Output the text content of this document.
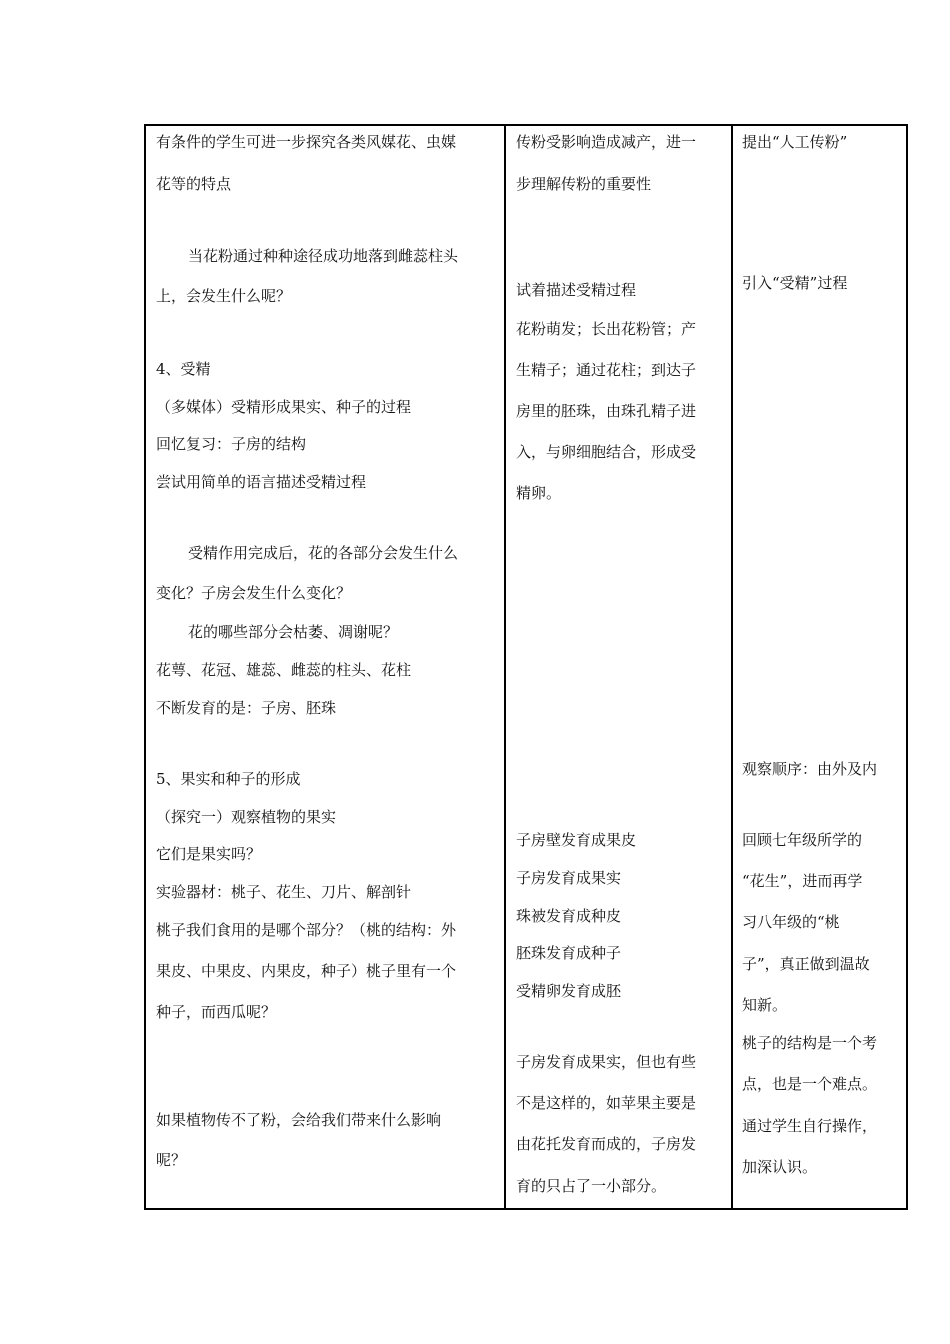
有条件的学生可进一步探究各类风媒花、虫媒
花等的特点
当花粉通过种种途径成功地落到雌蕊柱头
上，会发生什么呢？
4、受精
（多媒体）受精形成果实、种子的过程
回忆复习：子房的结构
尝试用简单的语言描述受精过程
受精作用完成后，花的各部分会发生什么
变化？子房会发生什么变化？
花的哪些部分会枯萎、凋谢呢？
花萼、花冠、雄蕊、雌蕊的柱头、花柱
不断发育的是：子房、胚珠
5、果实和种子的形成
（探究一）观察植物的果实
它们是果实吗？
实验器材：桃子、花生、刀片、解剖针
桃子我们食用的是哪个部分？（桃的结构：外
果皮、中果皮、内果皮，种子）桃子里有一个
种子，而西瓜呢？
如果植物传不了粉，会给我们带来什么影响
呢？
传粉受影响造成减产，进一
步理解传粉的重要性
试着描述受精过程
花粉萌发；长出花粉管；产
生精子；通过花柱；到达子
房里的胚珠，由珠孔精子进
入，与卵细胞结合，形成受
精卵。
子房壁发育成果皮
子房发育成果实
珠被发育成种皮
胚珠发育成种子
受精卵发育成胚
子房发育成果实，但也有些
不是这样的，如苹果主要是
由花托发育而成的，子房发
育的只占了一小部分。
提出“人工传粉”
引入“受精”过程
观察顺序：由外及内
回顾七年级所学的
“花生”，进而再学
习八年级的“桃
子”，真正做到温故
知新。
桃子的结构是一个考
点，也是一个难点。
通过学生自行操作，
加深认识。
